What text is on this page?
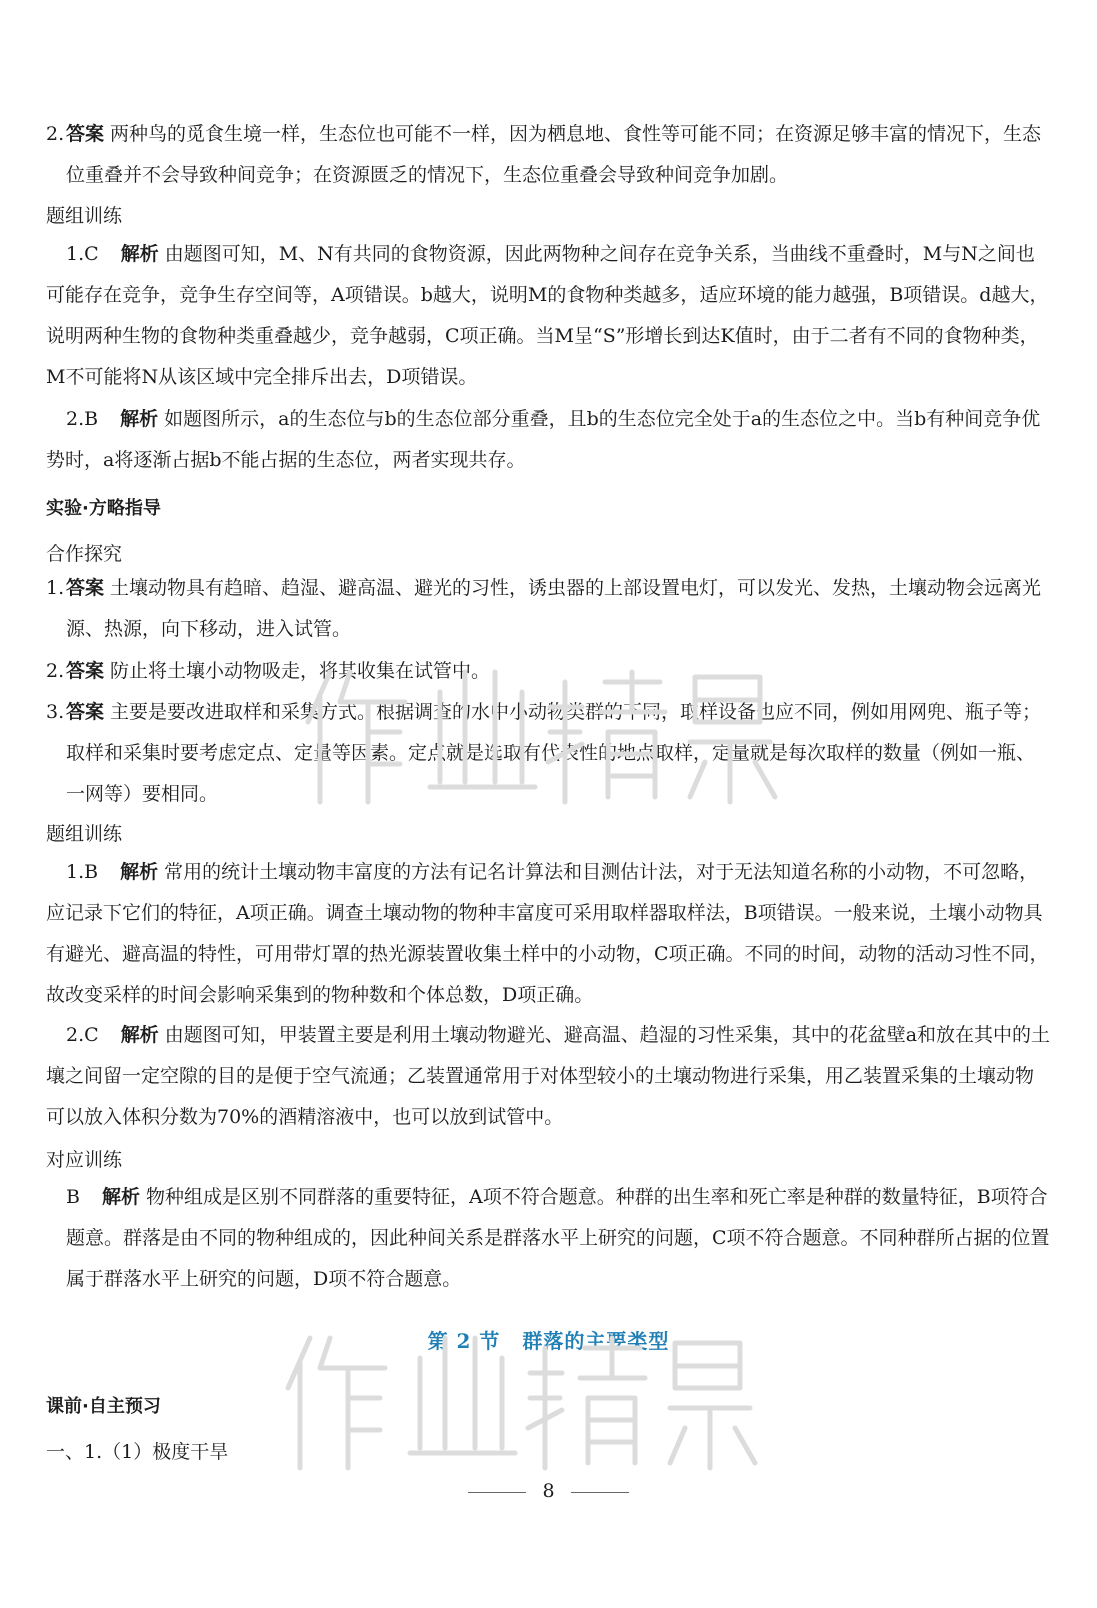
2. 答案 两种鸟的觅食生境一样，生态位也可能不一样，因为栖息地、食性等可能不同；在资源足够丰富的情况下，生态位重叠并不会导致种间竞争；在资源匮乏的情况下，生态位重叠会导致种间竞争加剧。
题组训练
1.C 解析 由题图可知，M、N有共同的食物资源，因此两物种之间存在竞争关系，当曲线不重叠时，M与N之间也可能存在竞争，竞争生存空间等，A项错误。b越大，说明M的食物种类越多，适应环境的能力越强，B项错误。d越大，说明两种生物的食物种类重叠越少，竞争越弱，C项正确。当M呈“S”形增长到达K值时，由于二者有不同的食物种类，M不可能将N从该区域中完全排斥出去，D项错误。
2.B 解析 如题图所示，a的生态位与b的生态位部分重叠，且b的生态位完全处于a的生态位之中。当b有种间竞争优势时，a将逐渐占据b不能占据的生态位，两者实现共存。
实验·方略指导
合作探究
1. 答案 土壤动物具有趋暗、趋湿、避高温、避光的习性，诱虫器的上部设置电灯，可以发光、发热，土壤动物会远离光源、热源，向下移动，进入试管。
2. 答案 防止将土壤小动物吸走，将其收集在试管中。
3. 答案 主要是要改进取样和采集方式。根据调查的水中小动物类群的不同，取样设备也应不同，例如用网兜、瓶子等；取样和采集时要考虑定点、定量等因素。定点就是选取有代表性的地点取样，定量就是每次取样的数量（例如一瓶、一网等）要相同。
题组训练
1.B 解析 常用的统计土壤动物丰富度的方法有记名计算法和目测估计法，对于无法知道名称的小动物，不可忽略，应记录下它们的特征，A项正确。调查土壤动物的物种丰富度可采用取样器取样法，B项错误。一般来说，土壤小动物具有避光、避高温的特性，可用带灯罩的热光源装置收集土样中的小动物，C项正确。不同的时间，动物的活动习性不同，故改变采样的时间会影响采集到的物种数和个体总数，D项正确。
2.C 解析 由题图可知，甲装置主要是利用土壤动物避光、避高温、趋湿的习性采集，其中的花盆壁a和放在其中的土壤之间留一定空隙的目的是便于空气流通；乙装置通常用于对体型较小的土壤动物进行采集，用乙装置采集的土壤动物可以放入体积分数为70%的酒精溶液中，也可以放到试管中。
对应训练
B 解析 物种组成是区别不同群落的重要特征，A项不符合题意。种群的出生率和死亡率是种群的数量特征，B项符合题意。群落是由不同的物种组成的，因此种间关系是群落水平上研究的问题，C项不符合题意。不同种群所占据的位置属于群落水平上研究的问题，D项不符合题意。
第 2 节 群落的主要类型
课前·自主预习
一、1.（1）极度干旱
8
